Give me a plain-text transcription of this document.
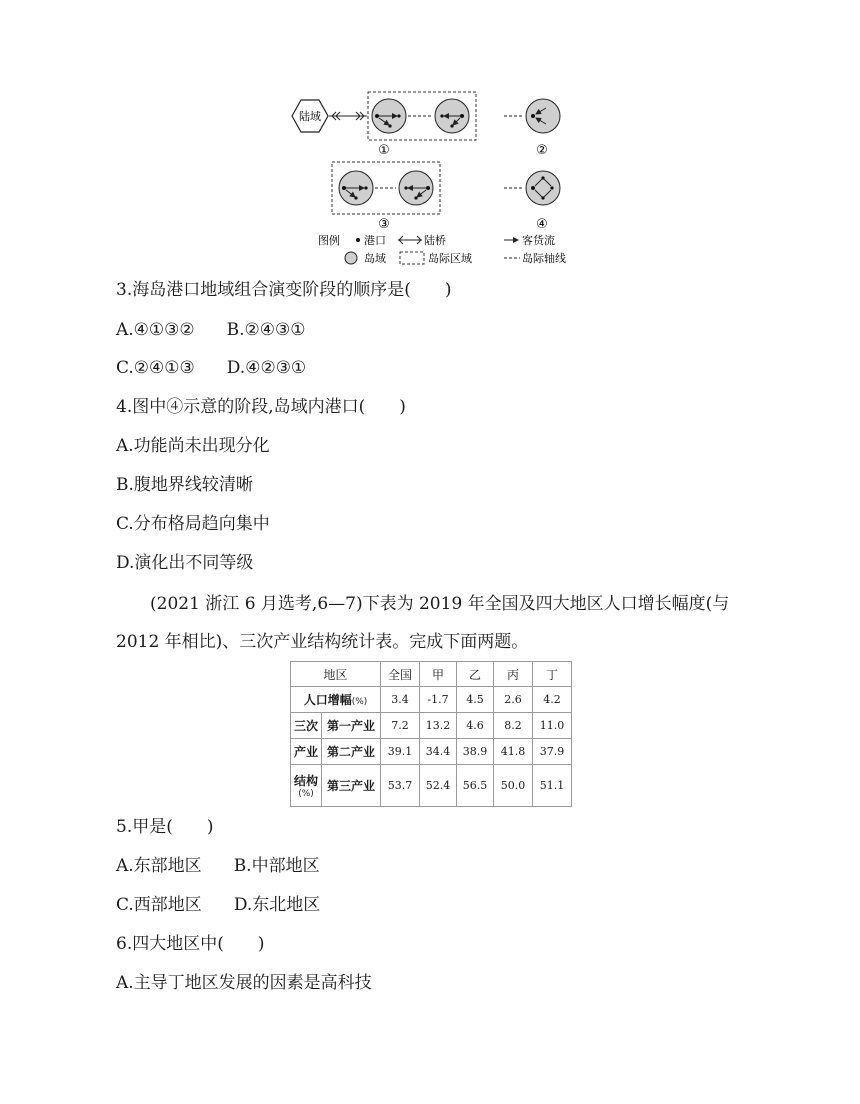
陆域
①	②
③	④
图例 港口	陆桥	客货流
岛域	岛际区域	岛际轴线
3.海岛港口地域组合演变阶段的顺序是(　　)
A.④①③② B.②④③①
C.②④①③ D.④②③①
4.图中④示意的阶段,岛域内港口(　　)
A.功能尚未出现分化
B.腹地界线较清晰
C.分布格局趋向集中
D.演化出不同等级
(2021 浙江 6 月选考,6—7)下表为 2019 年全国及四大地区人口增长幅度(与
2012 年相比)、三次产业结构统计表。完成下面两题。
地区		全国	甲	乙	丙	丁
人口增幅(%)		3.4	-1.7	4.5	2.6	4.2
三次	第一产业	7.2	13.2	4.6	8.2	11.0
产业	第二产业	39.1	34.4	38.9	41.8	37.9
结构
(%)	第三产业	53.7	52.4	56.5	50.0	51.1
5.甲是(　　)
A.东部地区 B.中部地区
C.西部地区 D.东北地区
6.四大地区中(　　)
A.主导丁地区发展的因素是高科技
